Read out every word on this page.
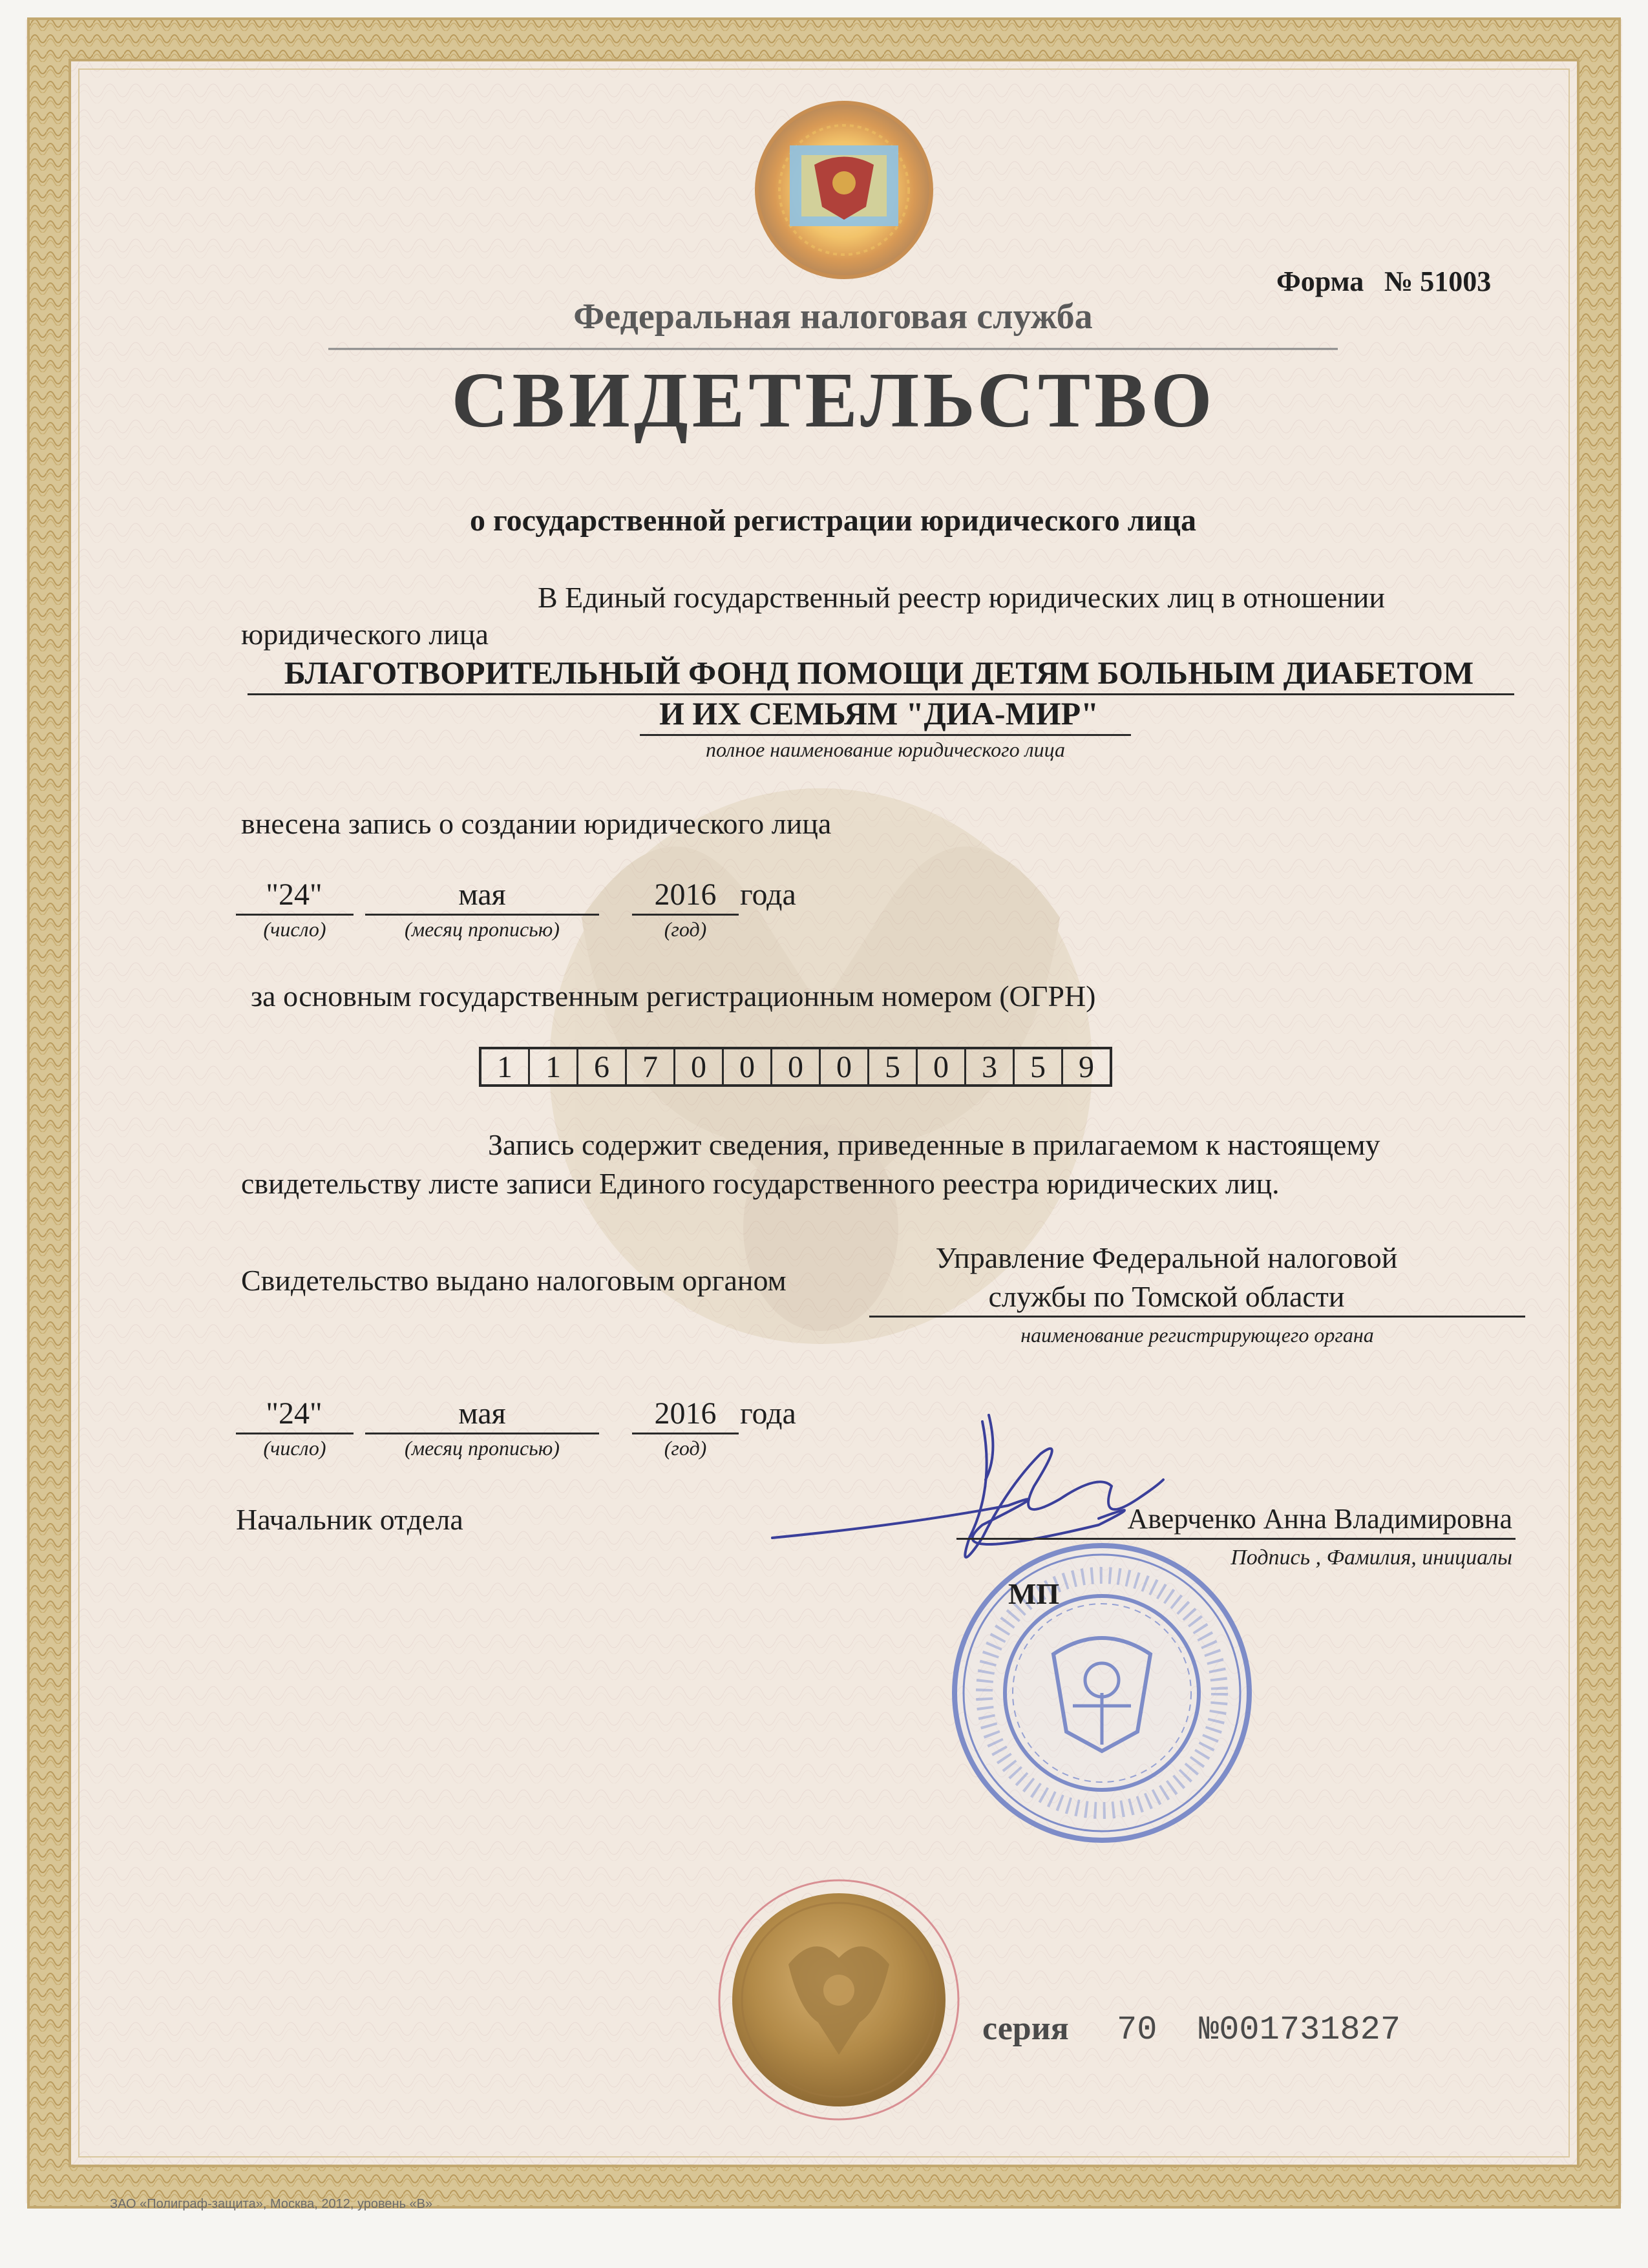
Форма № 51003
Федеральная налоговая служба
СВИДЕТЕЛЬСТВО
о государственной регистрации юридического лица
В Единый государственный реестр юридических лиц в отношении
юридического лица
БЛАГОТВОРИТЕЛЬНЫЙ ФОНД ПОМОЩИ ДЕТЯМ БОЛЬНЫМ ДИАБЕТОМ
И ИХ СЕМЬЯМ "ДИА-МИР"
полное наименование юридического лица
внесена запись о создании юридического лица
"24"	мая	2016 года
(число)	(месяц прописью)	(год)
за основным государственным регистрационным номером (ОГРН)
1	1	6	7	0	0	0	0	5	0	3	5	9
Запись содержит сведения, приведенные в прилагаемом к настоящему
свидетельству листе записи Единого государственного реестра юридических лиц.
Свидетельство выдано налоговым органом
Управление Федеральной налоговой
службы по Томской области
наименование регистрирующего органа
"24"	мая	2016 года
(число)	(месяц прописью)	(год)
Начальник отдела	Аверченко Анна Владимировна
Подпись , Фамилия, инициалы
МП
серия 70 №001731827
ЗАО «Полиграф-защита», Москва, 2012, уровень «В»
